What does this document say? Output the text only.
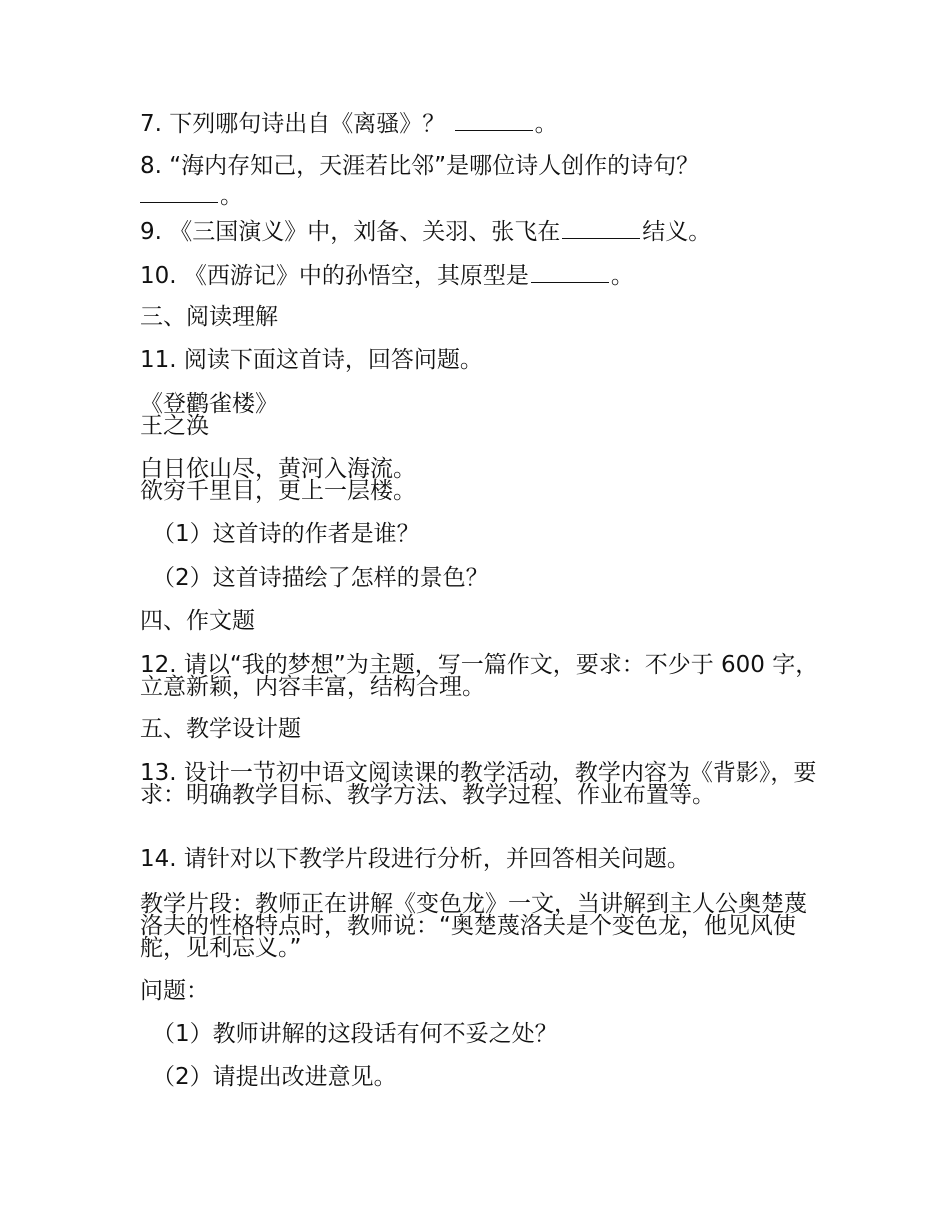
7. 下列哪句诗出自《离骚》？	。
8. “海内存知己，天涯若比邻”是哪位诗人创作的诗句？
。
9. 《三国演义》中，刘备、关羽、张飞在	结义。
10. 《西游记》中的孙悟空，其原型是	。
三、阅读理解
11. 阅读下面这首诗，回答问题。
《登鹳雀楼》
王之涣
白日依山尽，黄河入海流。
欲穷千里目，更上一层楼。
（1）这首诗的作者是谁？
（2）这首诗描绘了怎样的景色？
四、作文题
12. 请以“我的梦想”为主题，写一篇作文，要求：不少于 600 字，立意新颖，内容丰富，结构合理。
五、教学设计题
13. 设计一节初中语文阅读课的教学活动，教学内容为《背影》，要求：明确教学目标、教学方法、教学过程、作业布置等。
14. 请针对以下教学片段进行分析，并回答相关问题。
教学片段：教师正在讲解《变色龙》一文，当讲解到主人公奥楚蔑洛夫的性格特点时，教师说：“奥楚蔑洛夫是个变色龙，他见风使舵，见利忘义。”
问题：
（1）教师讲解的这段话有何不妥之处？
（2）请提出改进意见。
